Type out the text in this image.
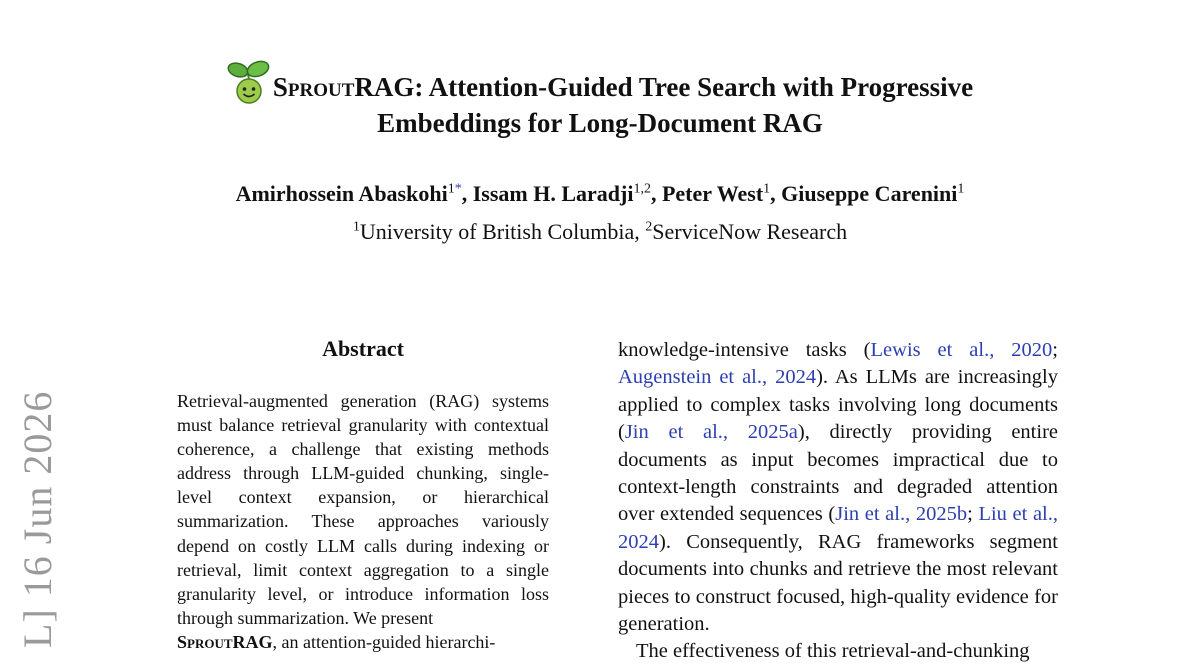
L] 16 Jun 2026
SproutRAG: Attention-Guided Tree Search with Progressive
Embeddings for Long-Document RAG
Amirhossein Abaskohi$^{1*}$, Issam H. Laradji$^{1,2}$, Peter West$^1$, Giuseppe Carenini$^1$
$^1$University of British Columbia, $^2$ServiceNow Research
Abstract
Retrieval-augmented generation (RAG) systems must balance retrieval granularity with contextual coherence, a challenge that existing methods address through LLM-guided chunking, single-level context expansion, or hierarchical summarization. These approaches variously depend on costly LLM calls during indexing or retrieval, limit context aggregation to a single granularity level, or introduce information loss through summarization. We present
SproutRAG, an attention-guided hierarchi-
knowledge-intensive tasks (Lewis et al., 2020; Augenstein et al., 2024). As LLMs are increasingly applied to complex tasks involving long documents (Jin et al., 2025a), directly providing entire documents as input becomes impractical due to context-length constraints and degraded attention over extended sequences (Jin et al., 2025b; Liu et al., 2024). Consequently, RAG frameworks segment documents into chunks and retrieve the most relevant pieces to construct focused, high-quality evidence for generation.
The effectiveness of this retrieval-and-chunking
